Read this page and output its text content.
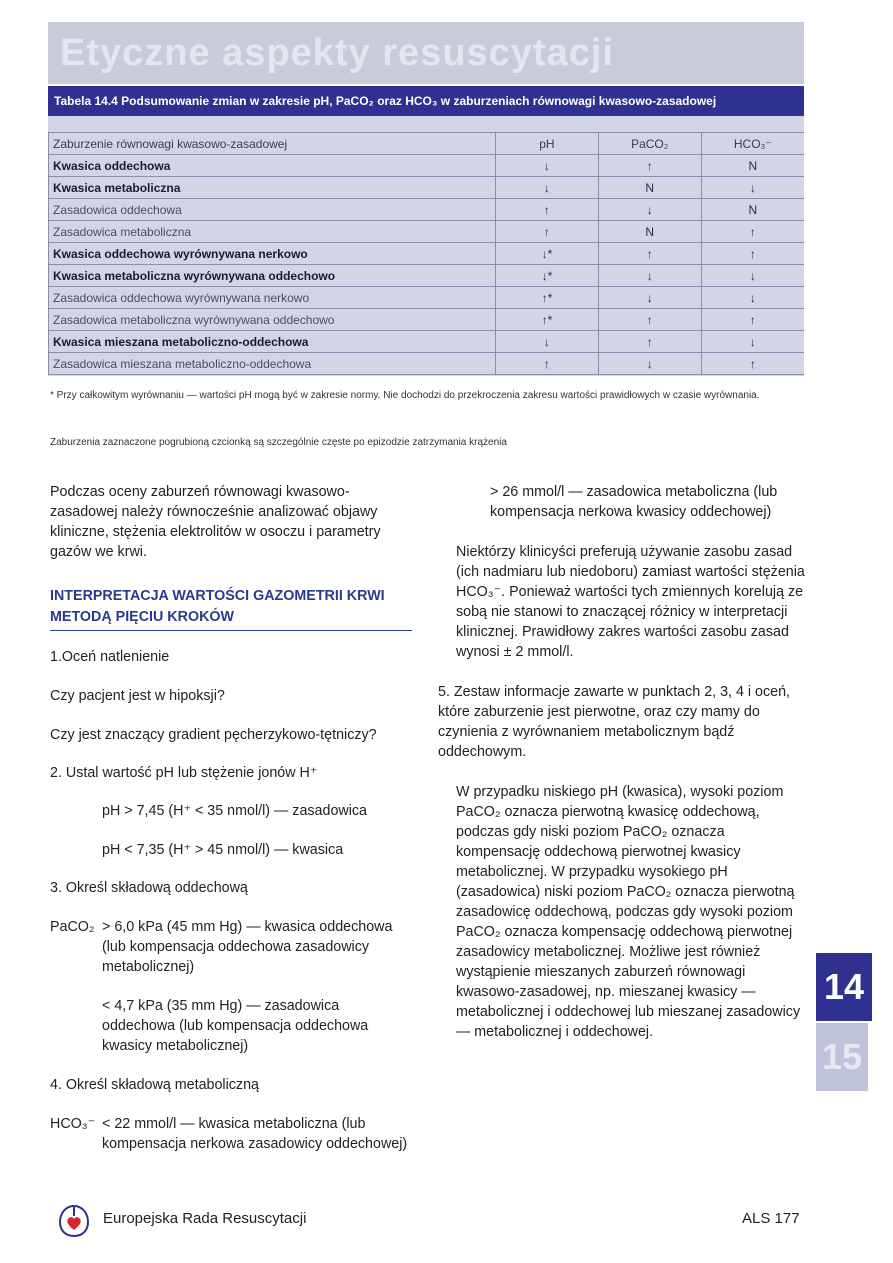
Etyczne aspekty resuscytacji
Tabela 14.4 Podsumowanie zmian w zakresie pH, PaCO₂ oraz HCO₃ w zaburzeniach równowagi kwasowo-zasadowej
Zaburzenie równowagi kwasowo-zasadowej	pH	PaCO₂	HCO₃⁻
Kwasica oddechowa	↓	↑	N
Kwasica metaboliczna	↓	N	↓
Zasadowica oddechowa	↑	↓	N
Zasadowica metaboliczna	↑	N	↑
Kwasica oddechowa wyrównywana nerkowo	↓*	↑	↑
Kwasica metaboliczna wyrównywana oddechowo	↓*	↓	↓
Zasadowica oddechowa wyrównywana nerkowo	↑*	↓	↓
Zasadowica metaboliczna wyrównywana oddechowo	↑*	↑	↑
Kwasica mieszana metaboliczno-oddechowa	↓	↑	↓
Zasadowica mieszana metaboliczno-oddechowa	↑	↓	↑
* Przy całkowitym wyrównaniu — wartości pH mogą być w zakresie normy. Nie dochodzi do przekroczenia zakresu wartości prawidłowych w czasie wyrównania.
Zaburzenia zaznaczone pogrubioną czcionką są szczególnie częste po epizodzie zatrzymania krążenia

Podczas oceny zaburzeń równowagi kwasowo-zasadowej należy równocześnie analizować objawy kliniczne, stężenia elektrolitów w osoczu i parametry gazów we krwi.

INTERPRETACJA WARTOŚCI GAZOMETRII KRWI METODĄ PIĘCIU KROKÓW

1.Oceń natlenienie

Czy pacjent jest w hipoksji?

Czy jest znaczący gradient pęcherzykowo-tętniczy?

2. Ustal wartość pH lub stężenie jonów H⁺

pH > 7,45 (H⁺ < 35 nmol/l) — zasadowica

pH < 7,35 (H⁺ > 45 nmol/l) — kwasica

3. Określ składową oddechową

PaCO₂ > 6,0 kPa (45 mm Hg) — kwasica oddechowa (lub kompensacja oddechowa zasadowicy metabolicznej)

< 4,7 kPa (35 mm Hg) — zasadowica oddechowa (lub kompensacja oddechowa kwasicy metabolicznej)

4. Określ składową metaboliczną

HCO₃⁻ < 22 mmol/l — kwasica metaboliczna (lub kompensacja nerkowa zasadowicy oddechowej)

> 26 mmol/l — zasadowica metaboliczna (lub kompensacja nerkowa kwasicy oddechowej)

Niektórzy klinicyści preferują używanie zasobu zasad (ich nadmiaru lub niedoboru) zamiast wartości stężenia HCO₃⁻. Ponieważ wartości tych zmiennych korelują ze sobą nie stanowi to znaczącej różnicy w interpretacji klinicznej. Prawidłowy zakres wartości zasobu zasad wynosi ± 2 mmol/l.

5. Zestaw informacje zawarte w punktach 2, 3, 4 i oceń, które zaburzenie jest pierwotne, oraz czy mamy do czynienia z wyrównaniem metabolicznym bądź oddechowym.

W przypadku niskiego pH (kwasica), wysoki poziom PaCO₂ oznacza pierwotną kwasicę oddechową, podczas gdy niski poziom PaCO₂ oznacza kompensację oddechową pierwotnej kwasicy metabolicznej. W przypadku wysokiego pH (zasadowica) niski poziom PaCO₂ oznacza pierwotną zasadowicę oddechową, podczas gdy wysoki poziom PaCO₂ oznacza kompensację oddechową pierwotnej zasadowicy metabolicznej. Możliwe jest również wystąpienie mieszanych zaburzeń równowagi kwasowo-zasadowej, np. mieszanej kwasicy — metabolicznej i oddechowej lub mieszanej zasadowicy — metabolicznej i oddechowej.

14
15
Europejska Rada Resuscytacji	ALS 177
